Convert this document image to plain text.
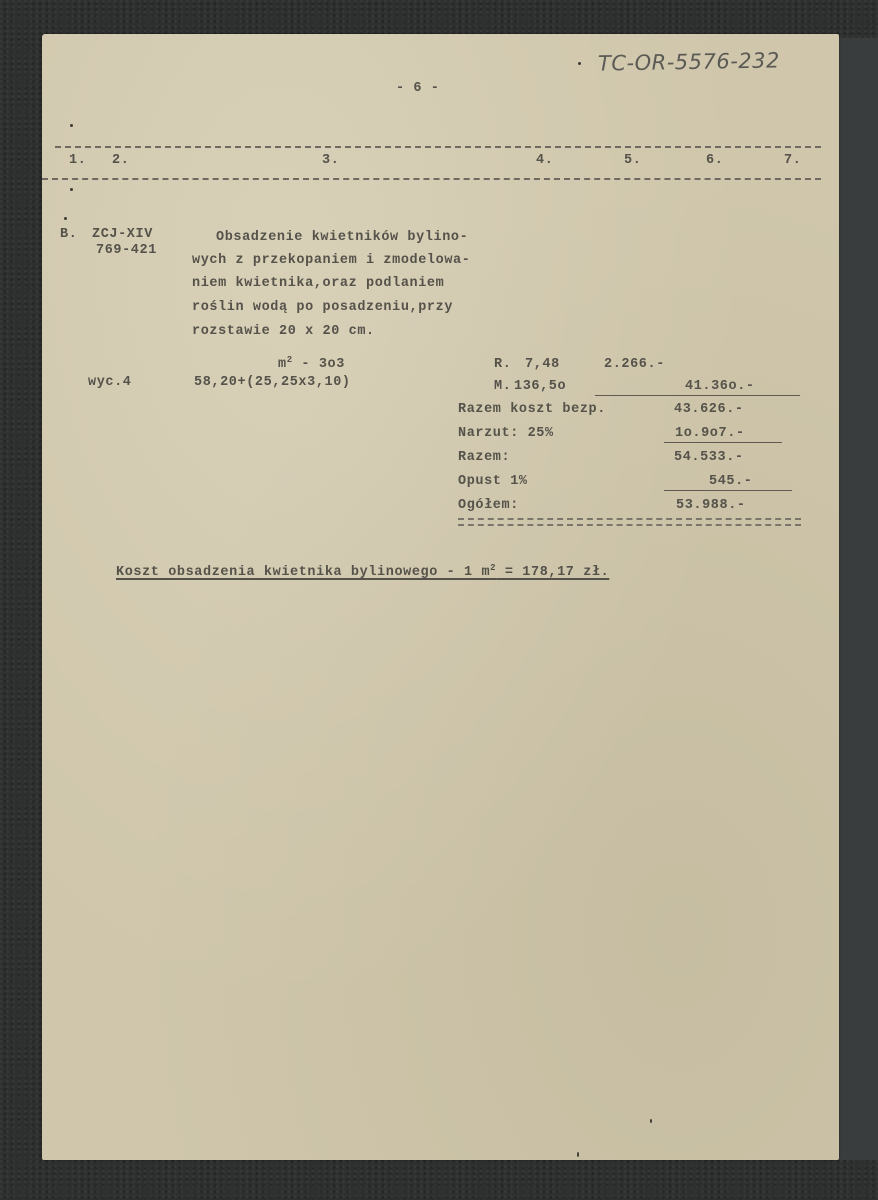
TC-OR-5576-232
- 6 -
1. 2.	3.	4.	5.	6.	7.
B. ZCJ-XIV
769-421
Obsadzenie kwietników bylino-
wych z przekopaniem i zmodelowa-
niem kwietnika,oraz podlaniem
roślin wodą po posadzeniu,przy
rozstawie 20 x 20 cm.
$m^2 - 3o3$
wyc.4	58,20+(25,25x3,10)
R. 7,48	2.266.-
M. 136,5o	41.36o.-
Razem koszt bezp.	43.626.-
Narzut: 25%	1o.9o7.-
Razem:	54.533.-
Opust 1%	545.-
Ogółem:	53.988.-
Koszt obsadzenia kwietnika bylinowego - 1 $m^2 = 178,17$ zł.
